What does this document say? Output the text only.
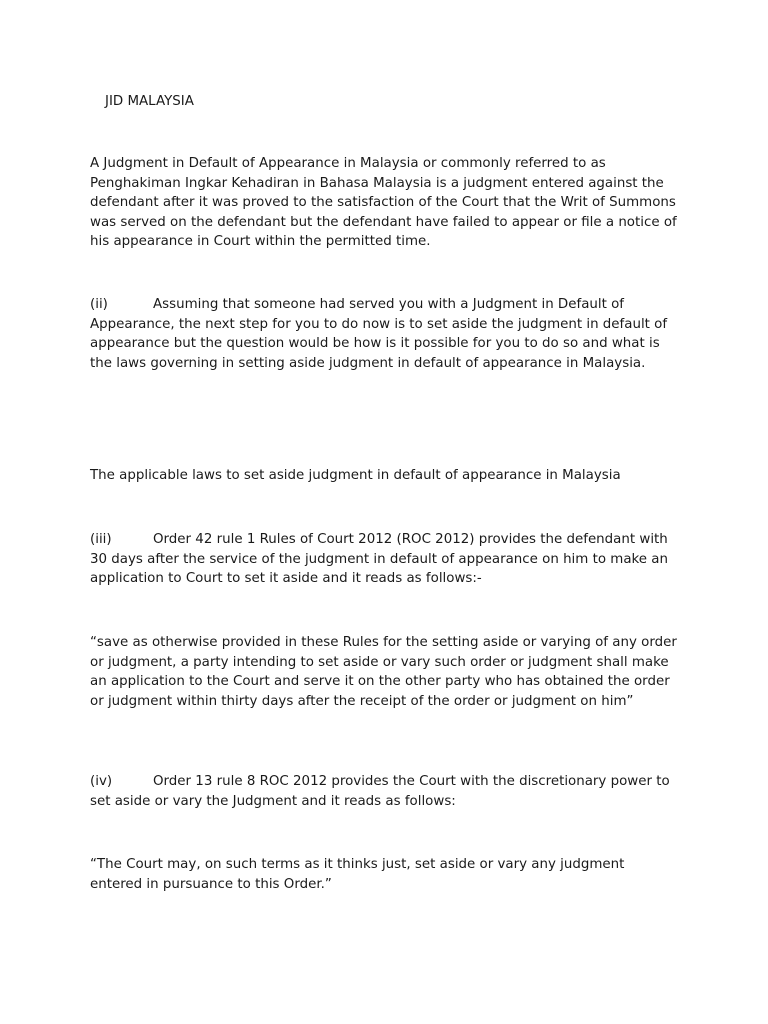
JID MALAYSIA

A Judgment in Default of Appearance in Malaysia or commonly referred to as Penghakiman Ingkar Kehadiran in Bahasa Malaysia is a judgment entered against the defendant after it was proved to the satisfaction of the Court that the Writ of Summons was served on the defendant but the defendant have failed to appear or file a notice of his appearance in Court within the permitted time.

(ii)	Assuming that someone had served you with a Judgment in Default of Appearance, the next step for you to do now is to set aside the judgment in default of appearance but the question would be how is it possible for you to do so and what is the laws governing in setting aside judgment in default of appearance in Malaysia.

The applicable laws to set aside judgment in default of appearance in Malaysia

(iii)	Order 42 rule 1 Rules of Court 2012 (ROC 2012) provides the defendant with 30 days after the service of the judgment in default of appearance on him to make an application to Court to set it aside and it reads as follows:-

“save as otherwise provided in these Rules for the setting aside or varying of any order or judgment, a party intending to set aside or vary such order or judgment shall make an application to the Court and serve it on the other party who has obtained the order or judgment within thirty days after the receipt of the order or judgment on him”

(iv)	Order 13 rule 8 ROC 2012 provides the Court with the discretionary power to set aside or vary the Judgment and it reads as follows:

“The Court may, on such terms as it thinks just, set aside or vary any judgment entered in pursuance to this Order.”
